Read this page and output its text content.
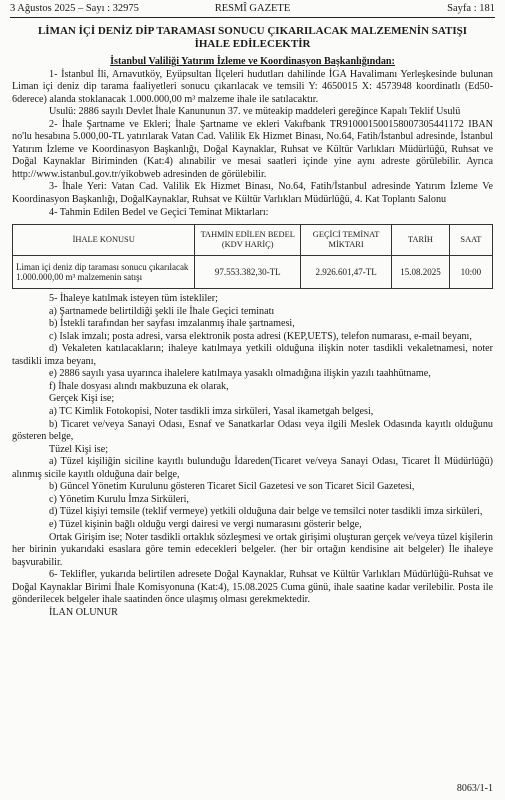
3 Ağustos 2025 – Sayı : 32975	RESMÎ GAZETE	Sayfa : 181
LİMAN İÇİ DENİZ DİP TARAMASI SONUCU ÇIKARILACAK MALZEMENİN SATIŞI
İHALE EDİLECEKTİR

İstanbul Valiliği Yatırım İzleme ve Koordinasyon Başkanlığından:

1- İstanbul İli, Arnavutköy, Eyüpsultan İlçeleri hudutları dahilinde İGA Havalimanı Yerleşkesinde bulunan Liman içi deniz dip tarama faaliyetleri sonucu çıkarılacak ve temsili Y: 4650015 X: 4573948 koordinatlı (Ed50-6derece) alanda stoklanacak 1.000.000,00 m³ malzeme ihale ile satılacaktır.

Usulü: 2886 sayılı Devlet İhale Kanununun 37. ve müteakip maddeleri gereğince Kapalı Teklif Usulü

2- İhale Şartname ve Ekleri; İhale Şartname ve ekleri Vakıfbank TR910001500158007305441172 IBAN no'lu hesabına 5.000,00-TL yatırılarak Vatan Cad. Valilik Ek Hizmet Binası, No.64, Fatih/İstanbul adresinde, İstanbul Yatırım İzleme ve Koordinasyon Başkanlığı, Doğal Kaynaklar, Ruhsat ve Kültür Varlıkları Müdürlüğü, Ruhsat ve Doğal Kaynaklar Biriminden (Kat:4) alınabilir ve mesai saatleri içinde yine aynı adreste görülebilir. Ayrıca http://www.istanbul.gov.tr/yikobweb adresinden de görülebilir.

3- İhale Yeri: Vatan Cad. Valilik Ek Hizmet Binası, No.64, Fatih/İstanbul adresinde Yatırım İzleme Ve Koordinasyon Başkanlığı, DoğalKaynaklar, Ruhsat ve Kültür Varlıkları Müdürlüğü, 4. Kat Toplantı Salonu

4- Tahmin Edilen Bedel ve Geçici Teminat Miktarları:

İHALE KONUSU	TAHMİN EDİLEN BEDEL (KDV HARİÇ)	GEÇİCİ TEMİNAT MİKTARI	TARİH	SAAT
Liman içi deniz dip taraması sonucu çıkarılacak 1.000.000,00 m³ malzemenin satışı	97.553.382,30-TL	2.926.601,47-TL	15.08.2025	10:00

5- İhaleye katılmak isteyen tüm istekliler;

a) Şartnamede belirtildiği şekli ile İhale Geçici teminatı

b) İstekli tarafından her sayfası imzalanmış ihale şartnamesi,

c) Islak imzalı; posta adresi, varsa elektronik posta adresi (KEP,UETS), telefon numarası, e-mail beyanı,

d) Vekaleten katılacakların; ihaleye katılmaya yetkili olduğuna ilişkin noter tasdikli vekaletnamesi, noter tasdikli imza beyanı,

e) 2886 sayılı yasa uyarınca ihalelere katılmaya yasaklı olmadığına ilişkin yazılı taahhütname,

f) İhale dosyası alındı makbuzuna ek olarak,

Gerçek Kişi ise;

a) TC Kimlik Fotokopisi, Noter tasdikli imza sirküleri, Yasal ikametgah belgesi,

b) Ticaret ve/veya Sanayi Odası, Esnaf ve Sanatkarlar Odası veya ilgili Meslek Odasında kayıtlı olduğunu gösteren belge,

Tüzel Kişi ise;

a) Tüzel kişiliğin siciline kayıtlı bulunduğu İdareden(Ticaret ve/veya Sanayi Odası, Ticaret İl Müdürlüğü) alınmış sicile kayıtlı olduğuna dair belge,

b) Güncel Yönetim Kurulunu gösteren Ticaret Sicil Gazetesi ve son Ticaret Sicil Gazetesi,

c) Yönetim Kurulu İmza Sirküleri,

d) Tüzel kişiyi temsile (teklif vermeye) yetkili olduğuna dair belge ve temsilci noter tasdikli imza sirküleri,

e) Tüzel kişinin bağlı olduğu vergi dairesi ve vergi numarasını gösterir belge,

Ortak Girişim ise; Noter tasdikli ortaklık sözleşmesi ve ortak girişimi oluşturan gerçek ve/veya tüzel kişilerin her birinin yukarıdaki esaslara göre temin edecekleri belgeler. (her bir ortağın kendisine ait belgeler) İle ihaleye başvurabilir.

6- Teklifler, yukarıda belirtilen adresete Doğal Kaynaklar, Ruhsat ve Kültür Varlıkları Müdürlüğü-Ruhsat ve Doğal Kaynaklar Birimi İhale Komisyonuna (Kat:4), 15.08.2025 Cuma günü, ihale saatine kadar verilebilir. Posta ile gönderilecek belgeler ihale saatinden önce ulaşmış olması gerekmektedir.

İLAN OLUNUR

8063/1-1
